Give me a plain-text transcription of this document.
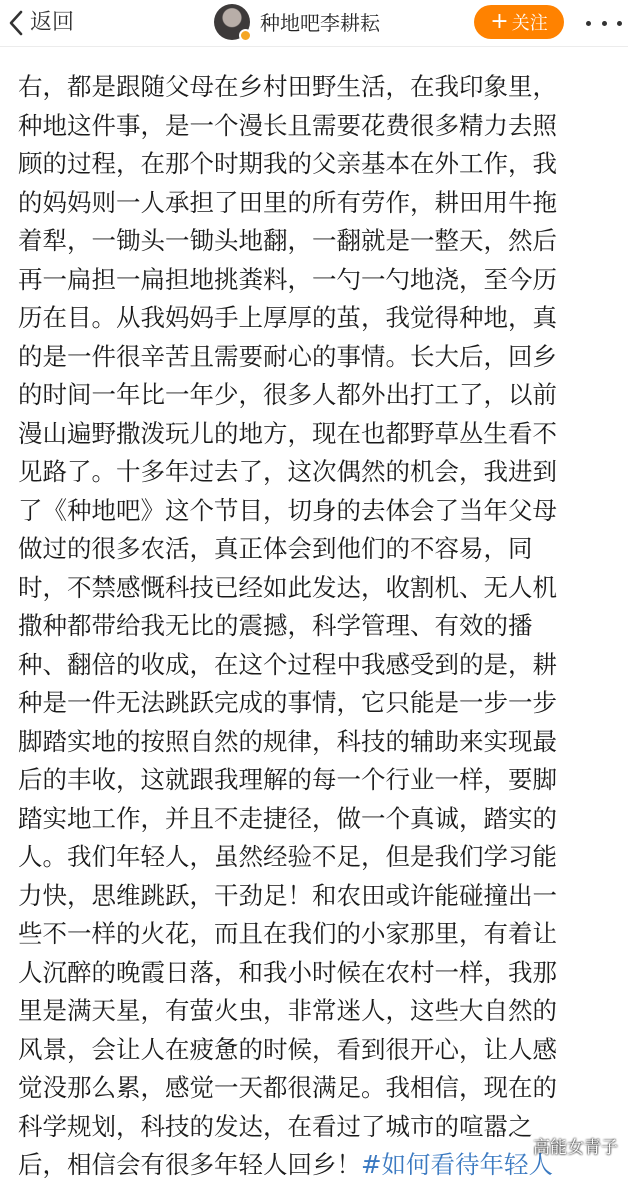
返回	种地吧李耕耘	+ 关注
右，都是跟随父母在乡村田野生活，在我印象里，
种地这件事，是一个漫长且需要花费很多精力去照
顾的过程，在那个时期我的父亲基本在外工作，我
的妈妈则一人承担了田里的所有劳作，耕田用牛拖
着犁，一锄头一锄头地翻，一翻就是一整天，然后
再一扁担一扁担地挑粪料，一勺一勺地浇，至今历
历在目。从我妈妈手上厚厚的茧，我觉得种地，真
的是一件很辛苦且需要耐心的事情。长大后，回乡
的时间一年比一年少，很多人都外出打工了，以前
漫山遍野撒泼玩儿的地方，现在也都野草丛生看不
见路了。十多年过去了，这次偶然的机会，我进到
了《种地吧》这个节目，切身的去体会了当年父母
做过的很多农活，真正体会到他们的不容易，同
时，不禁感慨科技已经如此发达，收割机、无人机
撒种都带给我无比的震撼，科学管理、有效的播
种、翻倍的收成，在这个过程中我感受到的是，耕
种是一件无法跳跃完成的事情，它只能是一步一步
脚踏实地的按照自然的规律，科技的辅助来实现最
后的丰收，这就跟我理解的每一个行业一样，要脚
踏实地工作，并且不走捷径，做一个真诚，踏实的
人。我们年轻人，虽然经验不足，但是我们学习能
力快，思维跳跃，干劲足！和农田或许能碰撞出一
些不一样的火花，而且在我们的小家那里，有着让
人沉醉的晚霞日落，和我小时候在农村一样，我那
里是满天星，有萤火虫，非常迷人，这些大自然的
风景，会让人在疲惫的时候，看到很开心，让人感
觉没那么累，感觉一天都很满足。我相信，现在的
科学规划，科技的发达，在看过了城市的喧嚣之
后，相信会有很多年轻人回乡！#如何看待年轻人
高能女青子
